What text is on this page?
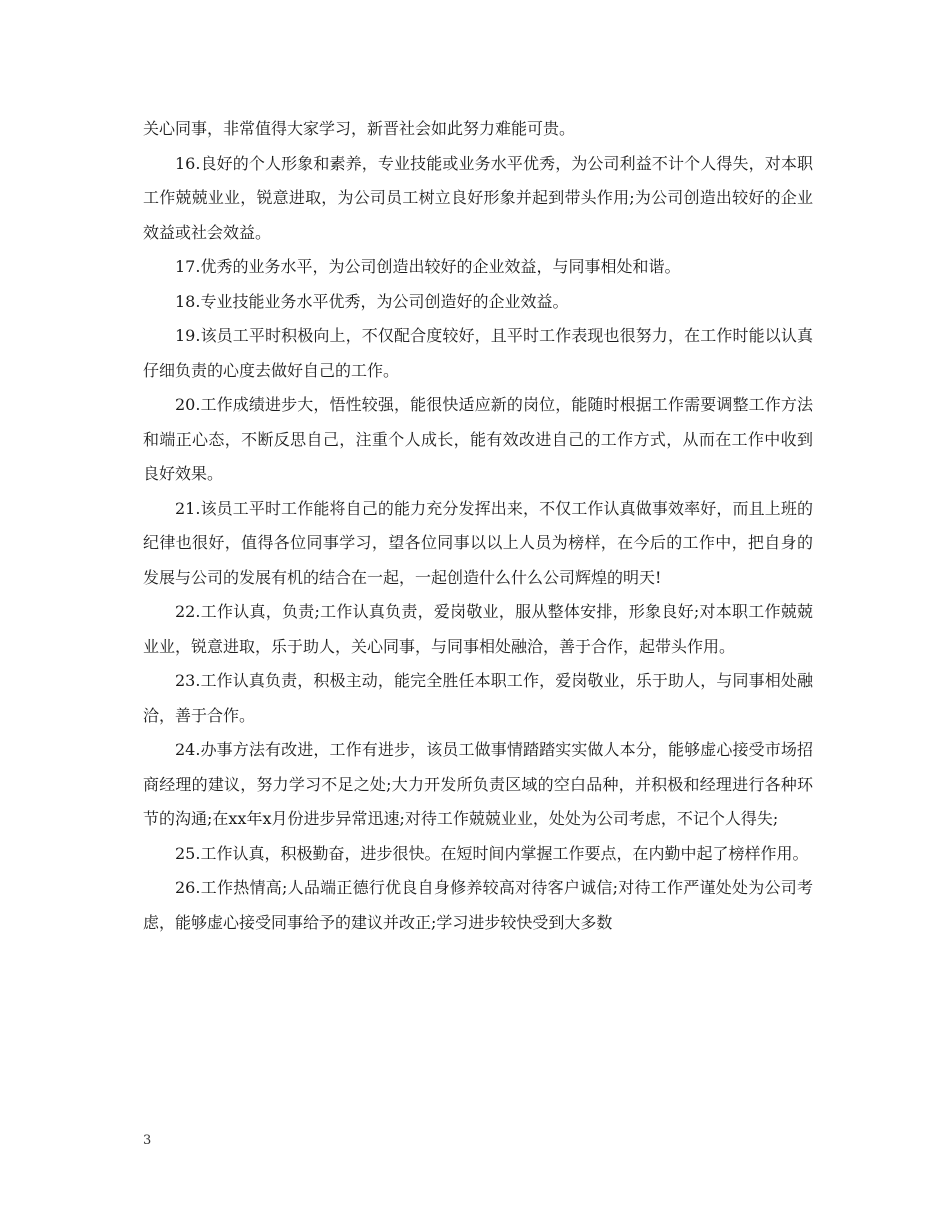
关心同事，非常值得大家学习，新晋社会如此努力难能可贵。

16.良好的个人形象和素养，专业技能或业务水平优秀，为公司利益不计个人得失，对本职工作兢兢业业，锐意进取，为公司员工树立良好形象并起到带头作用;为公司创造出较好的企业效益或社会效益。

17.优秀的业务水平，为公司创造出较好的企业效益，与同事相处和谐。

18.专业技能业务水平优秀，为公司创造好的企业效益。

19.该员工平时积极向上，不仅配合度较好，且平时工作表现也很努力，在工作时能以认真仔细负责的心度去做好自己的工作。

20.工作成绩进步大，悟性较强，能很快适应新的岗位，能随时根据工作需要调整工作方法和端正心态，不断反思自己，注重个人成长，能有效改进自己的工作方式，从而在工作中收到良好效果。

21.该员工平时工作能将自己的能力充分发挥出来，不仅工作认真做事效率好，而且上班的纪律也很好，值得各位同事学习，望各位同事以以上人员为榜样，在今后的工作中，把自身的发展与公司的发展有机的结合在一起，一起创造什么什么公司辉煌的明天!

22.工作认真，负责;工作认真负责，爱岗敬业，服从整体安排，形象良好;对本职工作兢兢业业，锐意进取，乐于助人，关心同事，与同事相处融洽，善于合作，起带头作用。

23.工作认真负责，积极主动，能完全胜任本职工作，爱岗敬业，乐于助人，与同事相处融洽，善于合作。

24.办事方法有改进，工作有进步，该员工做事情踏踏实实做人本分，能够虚心接受市场招商经理的建议，努力学习不足之处;大力开发所负责区域的空白品种，并积极和经理进行各种环节的沟通;在xx年x月份进步异常迅速;对待工作兢兢业业，处处为公司考虑，不记个人得失;

25.工作认真，积极勤奋，进步很快。在短时间内掌握工作要点，在内勤中起了榜样作用。

26.工作热情高;人品端正德行优良自身修养较高对待客户诚信;对待工作严谨处处为公司考虑，能够虚心接受同事给予的建议并改正;学习进步较快受到大多数

3
